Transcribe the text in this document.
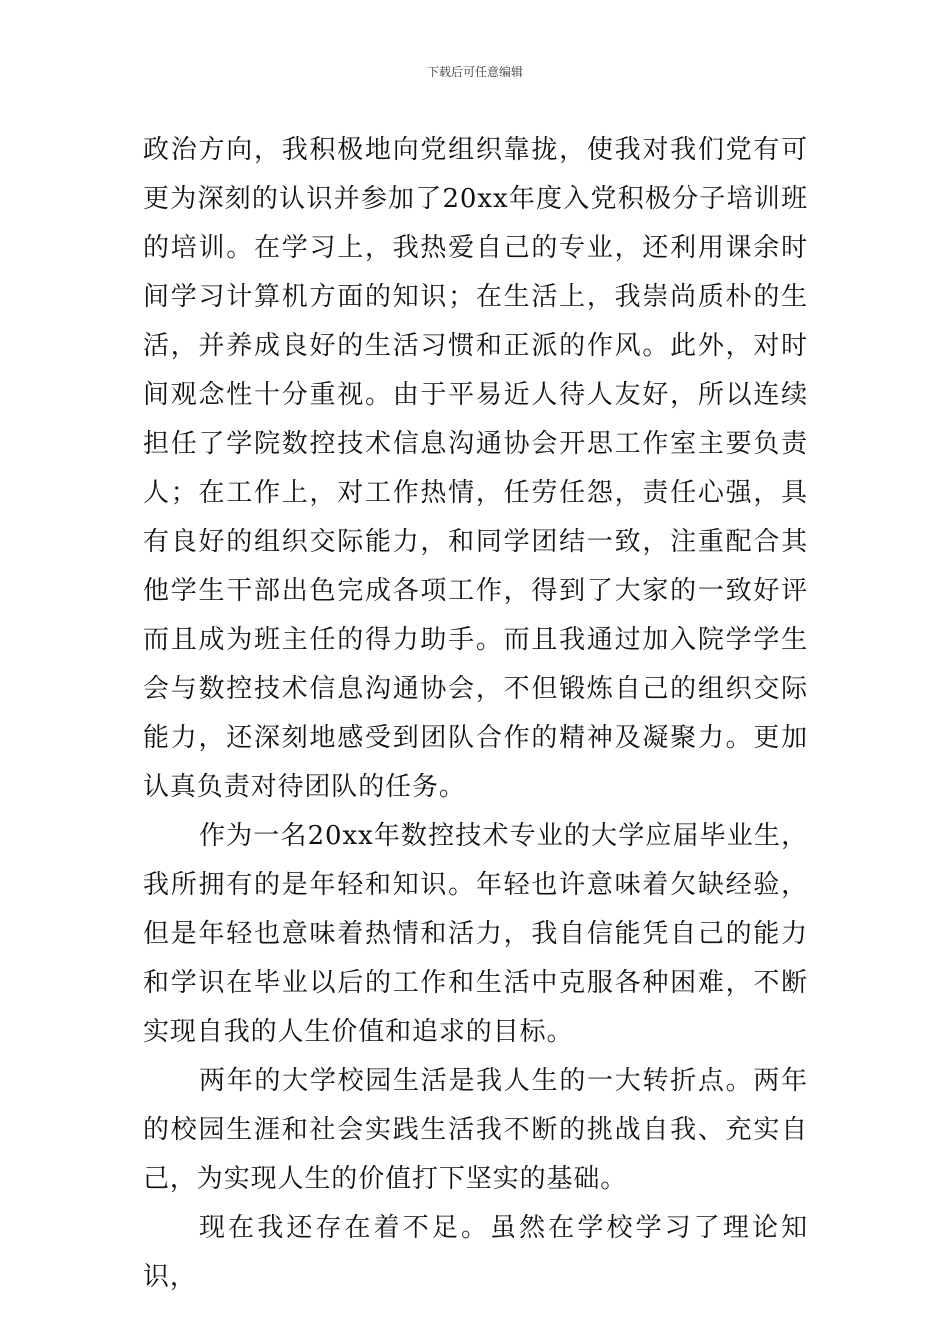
下载后可任意编辑

政治方向，我积极地向党组织靠拢，使我对我们党有可更为深刻的认识并参加了20xx年度入党积极分子培训班的培训。在学习上，我热爱自己的专业，还利用课余时间学习计算机方面的知识；在生活上，我崇尚质朴的生活，并养成良好的生活习惯和正派的作风。此外，对时间观念性十分重视。由于平易近人待人友好，所以连续担任了学院数控技术信息沟通协会开思工作室主要负责人；在工作上，对工作热情，任劳任怨，责任心强，具有良好的组织交际能力，和同学团结一致，注重配合其他学生干部出色完成各项工作，得到了大家的一致好评而且成为班主任的得力助手。而且我通过加入院学学生会与数控技术信息沟通协会，不但锻炼自己的组织交际能力，还深刻地感受到团队合作的精神及凝聚力。更加认真负责对待团队的任务。

作为一名20xx年数控技术专业的大学应届毕业生，我所拥有的是年轻和知识。年轻也许意味着欠缺经验，但是年轻也意味着热情和活力，我自信能凭自己的能力和学识在毕业以后的工作和生活中克服各种困难，不断实现自我的人生价值和追求的目标。

两年的大学校园生活是我人生的一大转折点。两年的校园生涯和社会实践生活我不断的挑战自我、充实自己，为实现人生的价值打下坚实的基础。

现在我还存在着不足。虽然在学校学习了理论知识，
